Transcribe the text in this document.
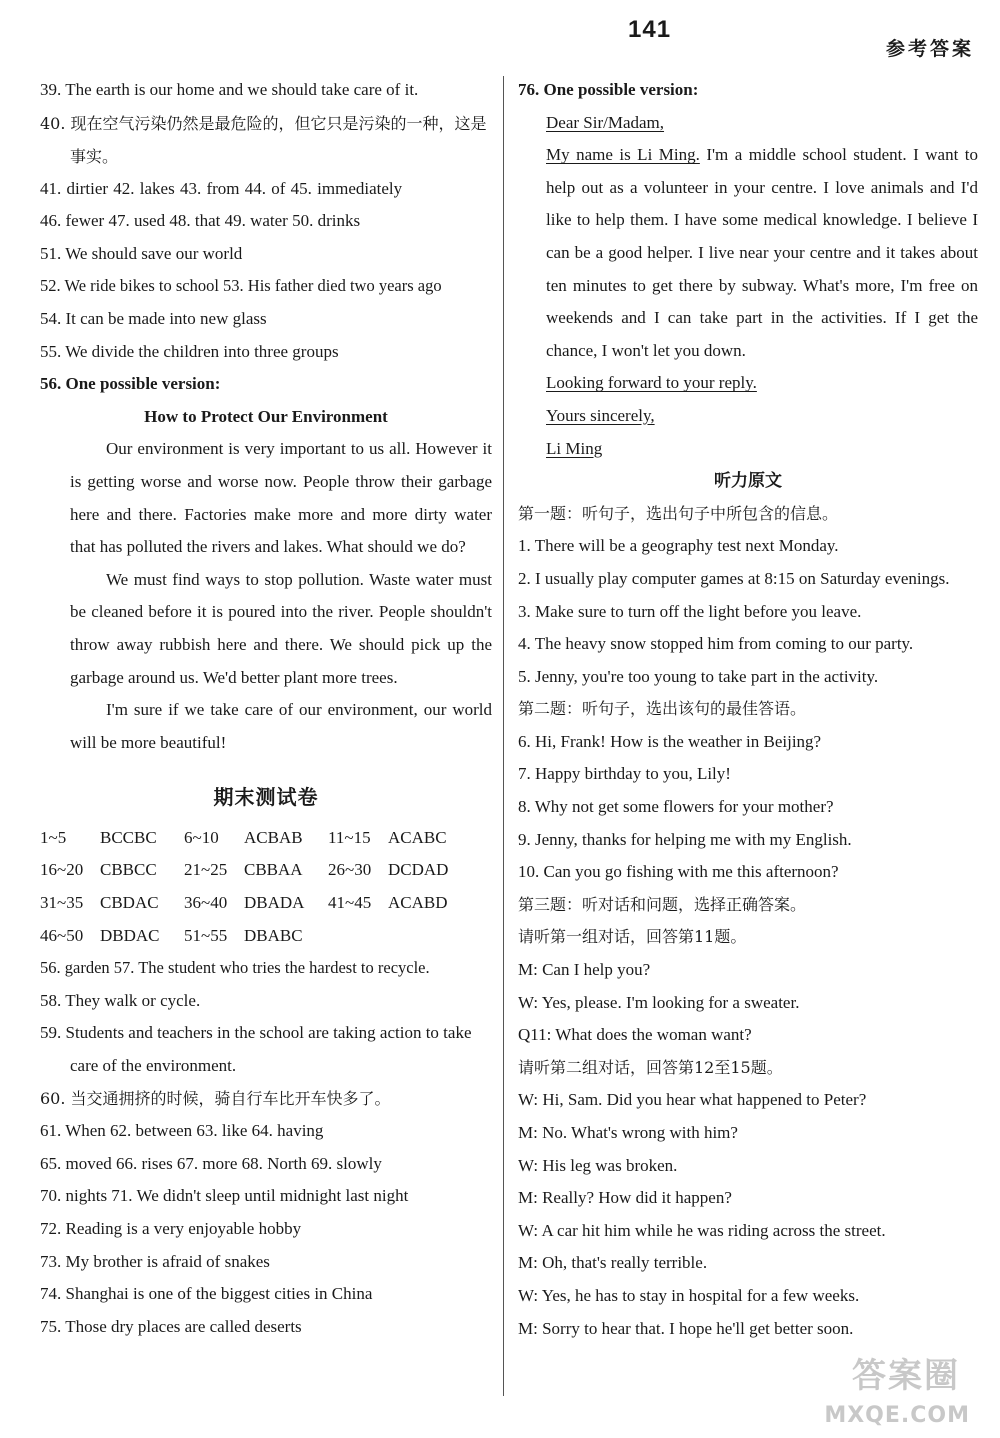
141
参考答案
39. The earth is our home and we should take care of it.
40. 现在空气污染仍然是最危险的，但它只是污染的一种，这是事实。
41. dirtier 42. lakes 43. from 44. of 45. immediately
46. fewer 47. used 48. that 49. water 50. drinks
51. We should save our world
52. We ride bikes to school 53. His father died two years ago
54. It can be made into new glass
55. We divide the children into three groups
56. One possible version:
How to Protect Our Environment

Our environment is very important to us all. However it is getting worse and worse now. People throw their garbage here and there. Factories make more and more dirty water that has polluted the rivers and lakes. What should we do?

We must find ways to stop pollution. Waste water must be cleaned before it is poured into the river. People shouldn't throw away rubbish here and there. We should pick up the garbage around us. We'd better plant more trees.

I'm sure if we take care of our environment, our world will be more beautiful!

期末测试卷
1~5	BCCBC	6~10	ACBAB	11~15	ACABC
16~20 CBBCC	21~25 CBBAA	26~30 DCDAD
31~35 CBDAC	36~40 DBADA	41~45 ACABD
46~50 DBDAC	51~55 DBABC
56. garden 57. The student who tries the hardest to recycle.
58. They walk or cycle.
59. Students and teachers in the school are taking action to take care of the environment.
60. 当交通拥挤的时候，骑自行车比开车快多了。
61. When 62. between 63. like 64. having
65. moved 66. rises 67. more 68. North 69. slowly
70. nights 71. We didn't sleep until midnight last night
72. Reading is a very enjoyable hobby
73. My brother is afraid of snakes
74. Shanghai is one of the biggest cities in China
75. Those dry places are called deserts
76. One possible version:

Dear Sir/Madam,

My name is Li Ming. I'm a middle school student. I want to help out as a volunteer in your centre. I love animals and I'd like to help them. I have some medical knowledge. I believe I can be a good helper. I live near your centre and it takes about ten minutes to get there by subway. What's more, I'm free on weekends and I can take part in the activities. If I get the chance, I won't let you down.

Looking forward to your reply.

Yours sincerely,

Li Ming

听力原文
第一题：听句子，选出句子中所包含的信息。
1. There will be a geography test next Monday.
2. I usually play computer games at 8:15 on Saturday evenings.
3. Make sure to turn off the light before you leave.
4. The heavy snow stopped him from coming to our party.
5. Jenny, you're too young to take part in the activity.
第二题：听句子，选出该句的最佳答语。
6. Hi, Frank! How is the weather in Beijing?
7. Happy birthday to you, Lily!
8. Why not get some flowers for your mother?
9. Jenny, thanks for helping me with my English.
10. Can you go fishing with me this afternoon?
第三题：听对话和问题，选择正确答案。
请听第一组对话，回答第11题。
M: Can I help you?
W: Yes, please. I'm looking for a sweater.
Q11: What does the woman want?
请听第二组对话，回答第12至15题。
W: Hi, Sam. Did you hear what happened to Peter?
M: No. What's wrong with him?
W: His leg was broken.
M: Really? How did it happen?
W: A car hit him while he was riding across the street.
M: Oh, that's really terrible.
W: Yes, he has to stay in hospital for a few weeks.
M: Sorry to hear that. I hope he'll get better soon.
答案圈
MXQE.COM
